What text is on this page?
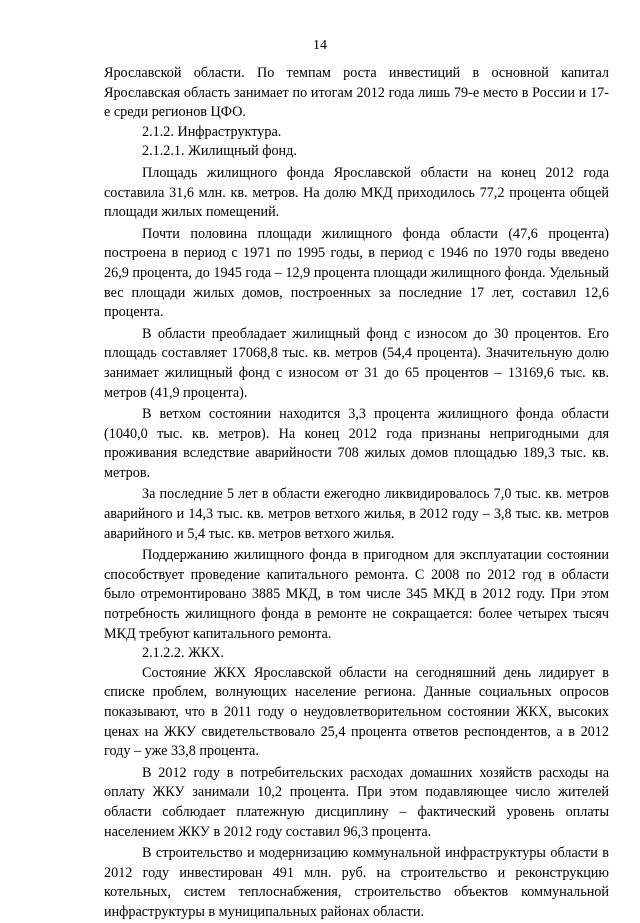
14

Ярославской области. По темпам роста инвестиций в основной капитал Ярославская область занимает по итогам 2012 года лишь 79-е место в России и 17-е среди регионов ЦФО.

2.1.2. Инфраструктура.

2.1.2.1. Жилищный фонд.

Площадь жилищного фонда Ярославской области на конец 2012 года составила 31,6 млн. кв. метров. На долю МКД приходилось 77,2 процента общей площади жилых помещений.

Почти половина площади жилищного фонда области (47,6 процента) построена в период с 1971 по 1995 годы, в период с 1946 по 1970 годы введено 26,9 процента, до 1945 года – 12,9 процента площади жилищного фонда. Удельный вес площади жилых домов, построенных за последние 17 лет, составил 12,6 процента.

В области преобладает жилищный фонд с износом до 30 процентов. Его площадь составляет 17068,8 тыс. кв. метров (54,4 процента). Значительную долю занимает жилищный фонд с износом от 31 до 65 процентов – 13169,6 тыс. кв. метров (41,9 процента).

В ветхом состоянии находится 3,3 процента жилищного фонда области (1040,0 тыс. кв. метров). На конец 2012 года признаны непригодными для проживания вследствие аварийности 708 жилых домов площадью 189,3 тыс. кв. метров.

За последние 5 лет в области ежегодно ликвидировалось 7,0 тыс. кв. метров аварийного и 14,3 тыс. кв. метров ветхого жилья, в 2012 году – 3,8 тыс. кв. метров аварийного и 5,4 тыс. кв. метров ветхого жилья.

Поддержанию жилищного фонда в пригодном для эксплуатации состоянии способствует проведение капитального ремонта. С 2008 по 2012 год в области было отремонтировано 3885 МКД, в том числе 345 МКД в 2012 году. При этом потребность жилищного фонда в ремонте не сокращается: более четырех тысяч МКД требуют капитального ремонта.

2.1.2.2. ЖКХ.

Состояние ЖКХ Ярославской области на сегодняшний день лидирует в списке проблем, волнующих население региона. Данные социальных опросов показывают, что в 2011 году о неудовлетворительном состоянии ЖКХ, высоких ценах на ЖКУ свидетельствовало 25,4 процента ответов респондентов, а в 2012 году – уже 33,8 процента.

В 2012 году в потребительских расходах домашних хозяйств расходы на оплату ЖКУ занимали 10,2 процента. При этом подавляющее число жителей области соблюдает платежную дисциплину – фактический уровень оплаты населением ЖКУ в 2012 году составил 96,3 процента.

В строительство и модернизацию коммунальной инфраструктуры области в 2012 году инвестирован 491 млн. руб. на строительство и реконструкцию котельных, систем теплоснабжения, строительство объектов коммунальной инфраструктуры в муниципальных районах области.
